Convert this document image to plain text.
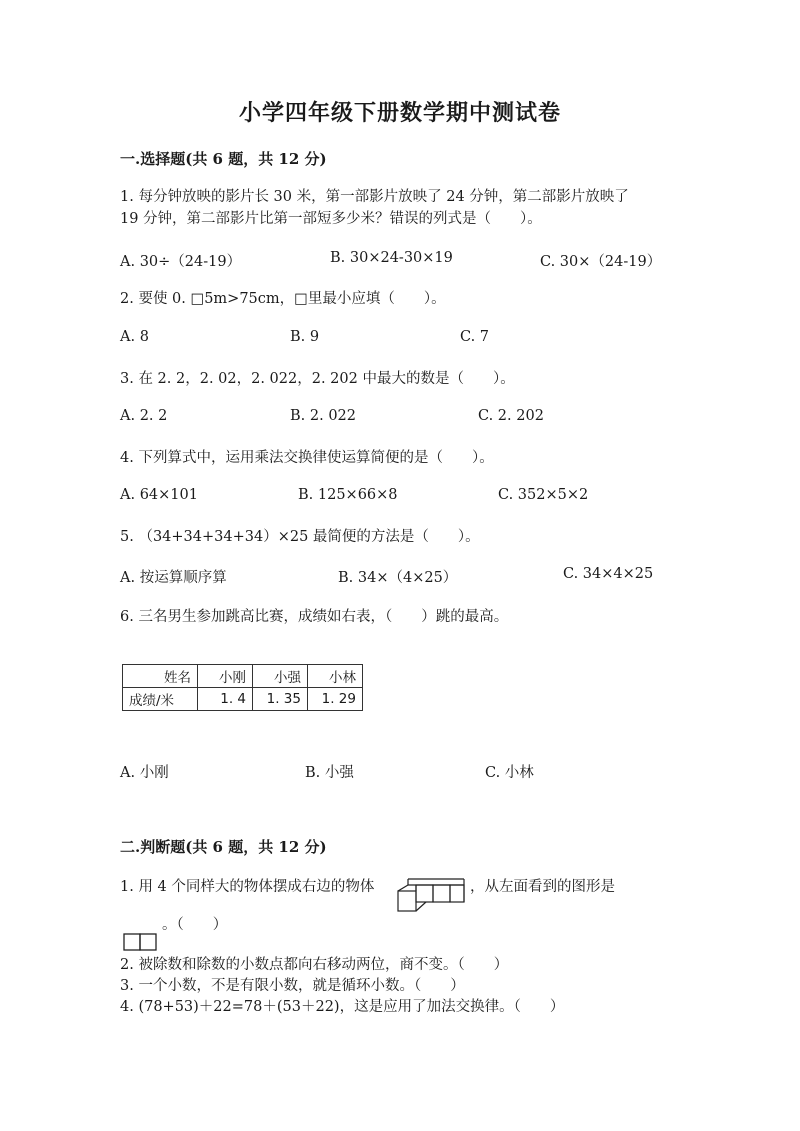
小学四年级下册数学期中测试卷
一.选择题(共 6 题，共 12 分)
1. 每分钟放映的影片长 30 米，第一部影片放映了 24 分钟，第二部影片放映了
19 分钟，第二部影片比第一部短多少米？错误的列式是（　　）。
A. 30÷（24-19）	B. 30×24-30×19	C. 30×（24-19）
2. 要使 0. □5m>75cm，□里最小应填（　　）。
A. 8	B. 9	C. 7
3. 在 2. 2，2. 02，2. 022，2. 202 中最大的数是（　　）。
A. 2. 2	B. 2. 022	C. 2. 202
4. 下列算式中，运用乘法交换律使运算简便的是（　　）。
A. 64×101	B. 125×66×8	C. 352×5×2
5. （34+34+34+34）×25 最简便的方法是（　　）。
A. 按运算顺序算	B. 34×（4×25）	C. 34×4×25
6. 三名男生参加跳高比赛，成绩如右表，（　　）跳的最高。
姓名	小刚	小强	小林
成绩/米	1. 4	1. 35	1. 29
A. 小刚	B. 小强	C. 小林
二.判断题(共 6 题，共 12 分)
1. 用 4 个同样大的物体摆成右边的物体	，从左面看到的图形是
。（　　）
2. 被除数和除数的小数点都向右移动两位，商不变。（　　）
3. 一个小数，不是有限小数，就是循环小数。（　　）
4. (78+53)＋22=78＋(53＋22)，这是应用了加法交换律。（　　）
